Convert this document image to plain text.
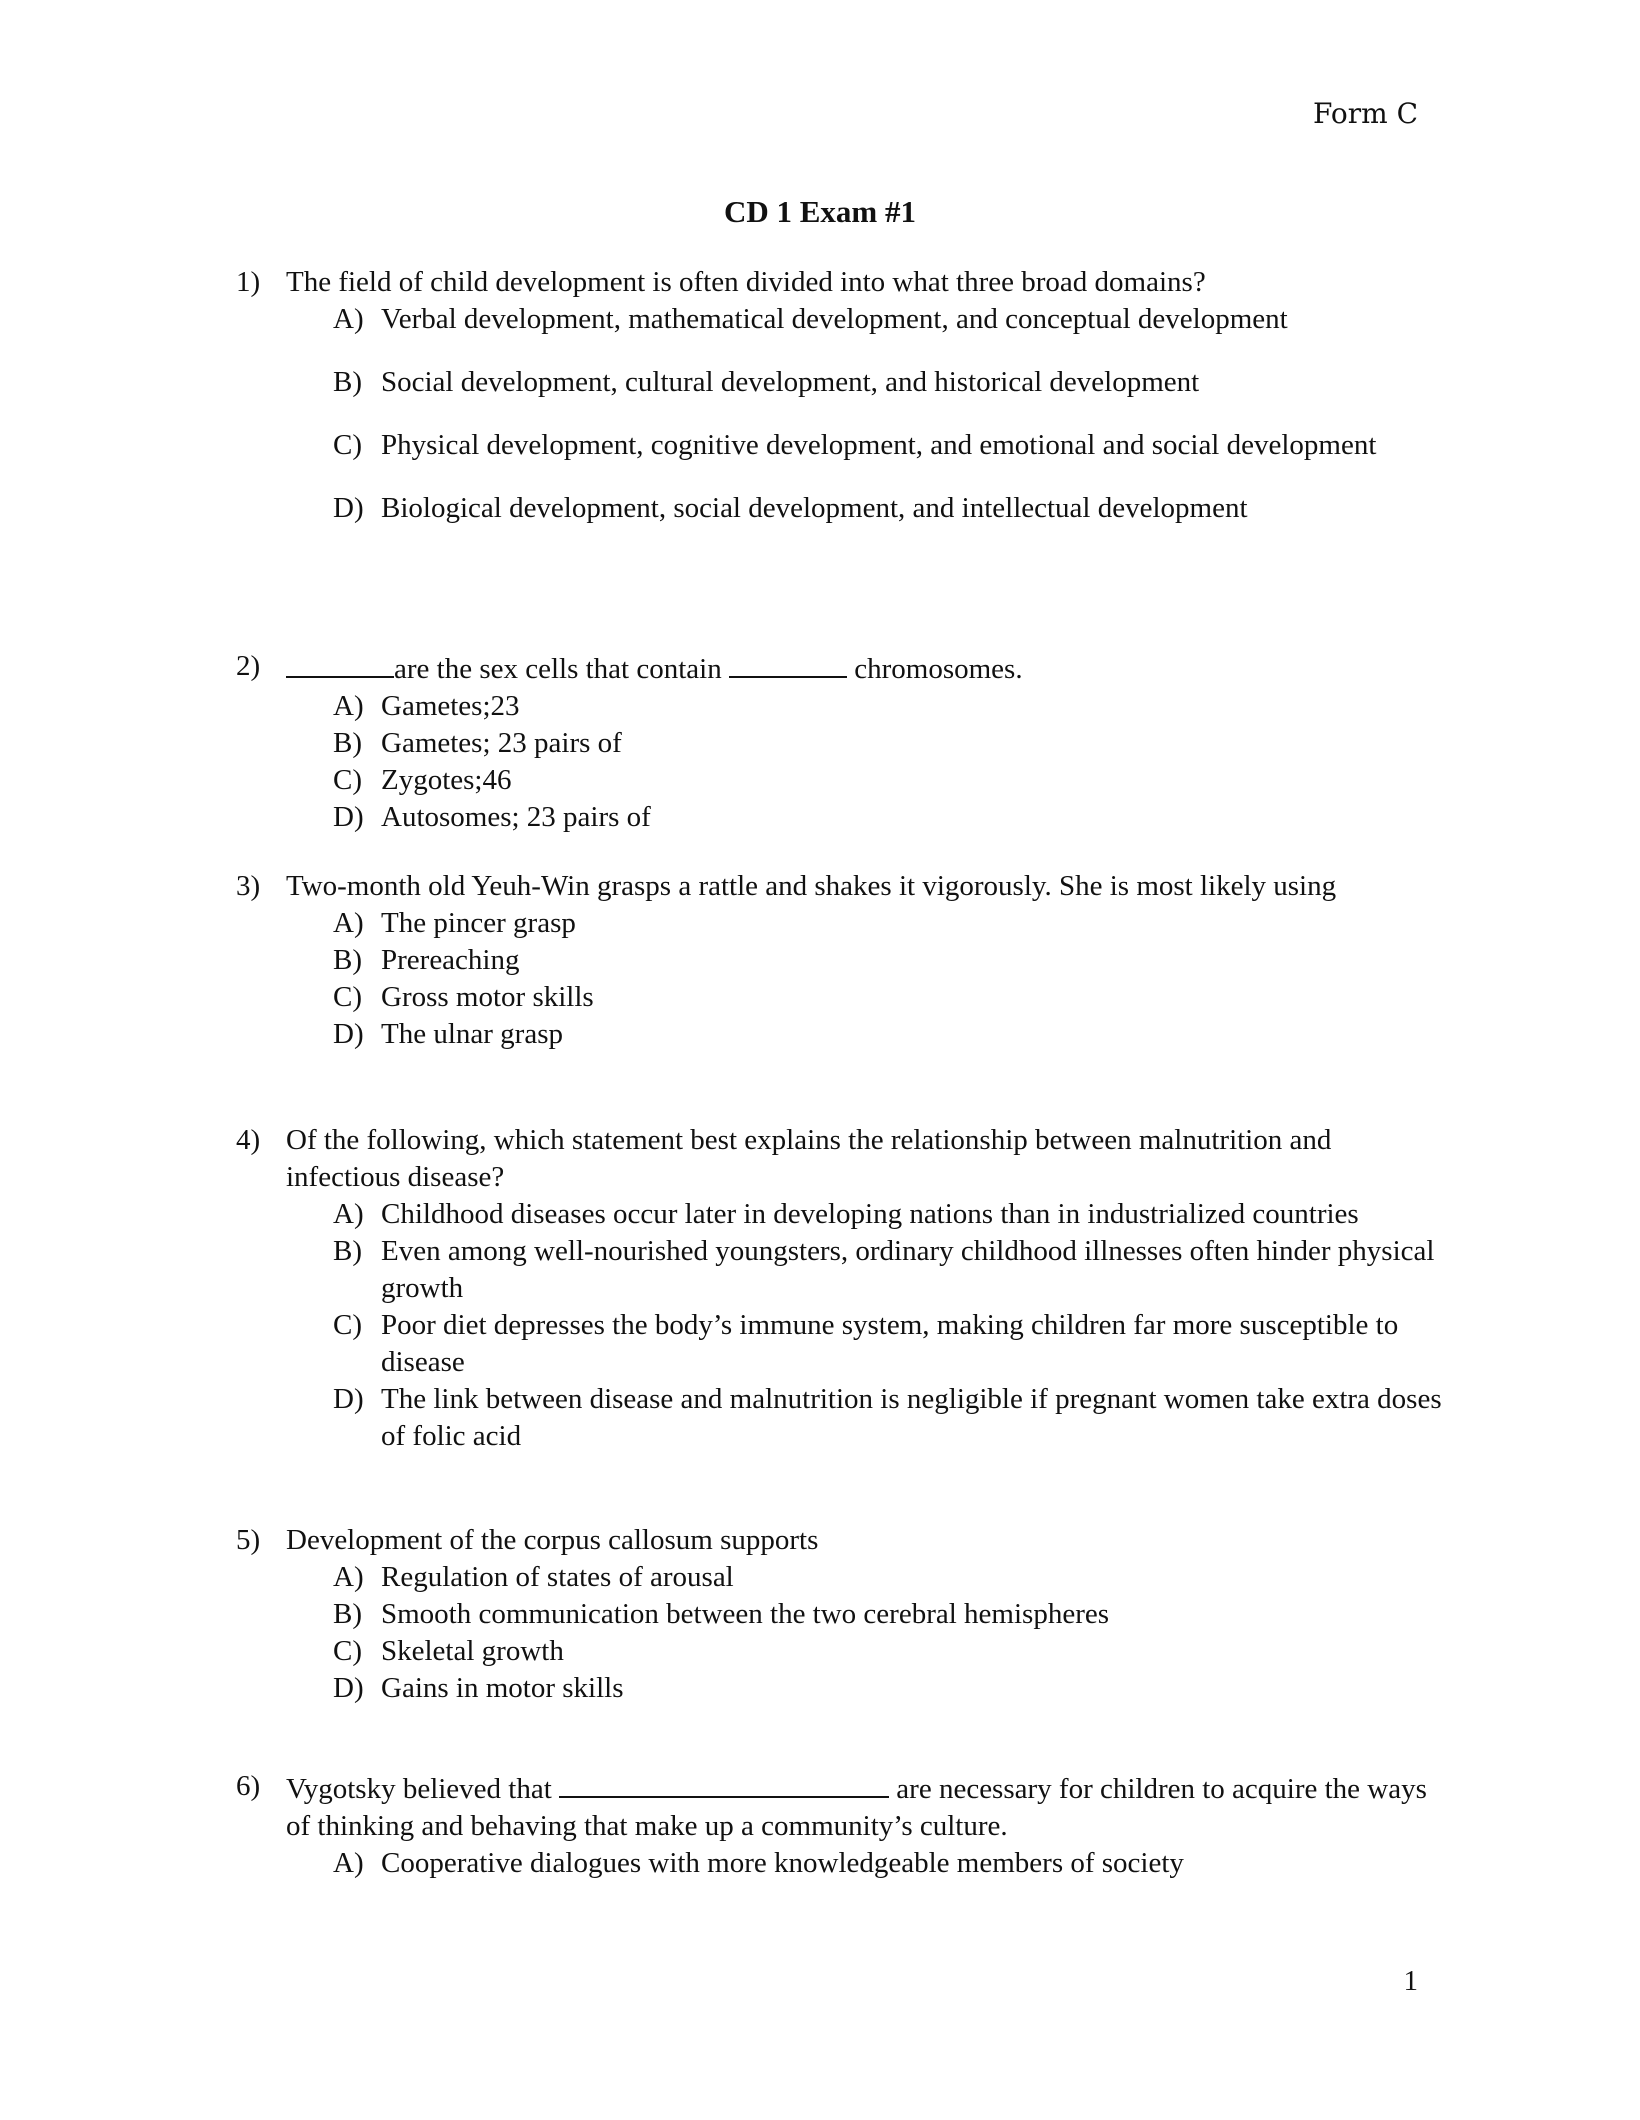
Form C
CD 1 Exam #1
1) The field of child development is often divided into what three broad domains?
A) Verbal development, mathematical development, and conceptual development
B) Social development, cultural development, and historical development
C) Physical development, cognitive development, and emotional and social development
D) Biological development, social development, and intellectual development
2)	are the sex cells that contain	chromosomes.
A) Gametes;23
B) Gametes; 23 pairs of
C) Zygotes;46
D) Autosomes; 23 pairs of
3) Two-month old Yeuh-Win grasps a rattle and shakes it vigorously. She is most likely using
A) The pincer grasp
B) Prereaching
C) Gross motor skills
D) The ulnar grasp
4) Of the following, which statement best explains the relationship between malnutrition and infectious disease?
A) Childhood diseases occur later in developing nations than in industrialized countries
B) Even among well-nourished youngsters, ordinary childhood illnesses often hinder physical growth
C) Poor diet depresses the body’s immune system, making children far more susceptible to disease
D) The link between disease and malnutrition is negligible if pregnant women take extra doses of folic acid
5) Development of the corpus callosum supports
A) Regulation of states of arousal
B) Smooth communication between the two cerebral hemispheres
C) Skeletal growth
D) Gains in motor skills
6) Vygotsky believed that	are necessary for children to acquire the ways of thinking and behaving that make up a community’s culture.
A) Cooperative dialogues with more knowledgeable members of society
1
